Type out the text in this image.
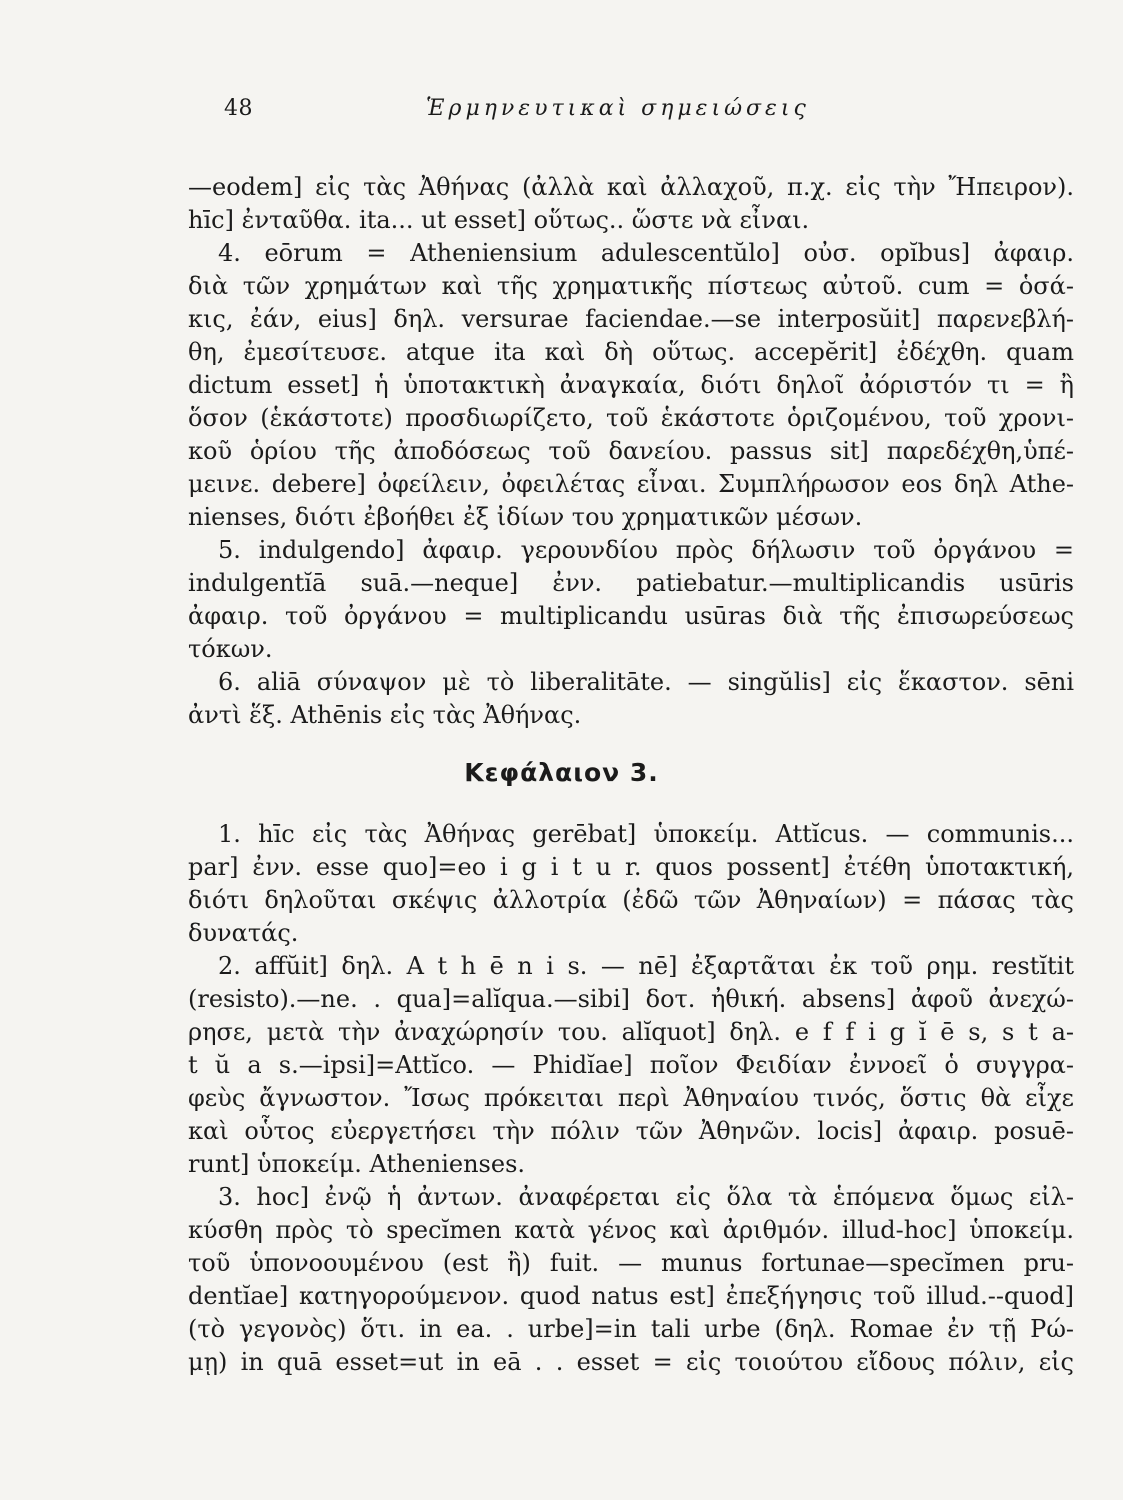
48	Ἑρμηνευτικαὶ σημειώσεις
—eodem] εἰς τὰς Ἀθήνας (ἀλλὰ καὶ ἀλλαχοῦ, π.χ. εἰς τὴν Ἤπειρον).
hīc] ἐνταῦθα. ita... ut esset] οὕτως.. ὥστε νὰ εἶναι.
4. eōrum = Atheniensium adulescentŭlo] οὐσ. opĭbus] ἀφαιρ.
διὰ τῶν χρημάτων καὶ τῆς χρηματικῆς πίστεως αὐτοῦ. cum = ὁσά-
κις, ἐάν, eius] δηλ. versurae faciendae.—se interposŭit] παρενεβλή-
θη, ἐμεσίτευσε. atque ita καὶ δὴ οὕτως. accepĕrit] ἐδέχθη. quam
dictum esset] ἡ ὑποτακτικὴ ἀναγκαία, διότι δηλοῖ ἀόριστόν τι = ἢ
ὅσον (ἑκάστοτε) προσδιωρίζετο, τοῦ ἑκάστοτε ὁριζομένου, τοῦ χρονι-
κοῦ ὁρίου τῆς ἀποδόσεως τοῦ δανείου. passus sit] παρεδέχθη,ὑπέ-
μεινε. debere] ὀφείλειν, ὀφειλέτας εἶναι. Συμπλήρωσον eos δηλ Athe-
nienses, διότι ἐβοήθει ἐξ ἰδίων του χρηματικῶν μέσων.
5. indulgendo] ἀφαιρ. γερουνδίου πρὸς δήλωσιν τοῦ ὀργάνου =
indulgentĭā suā.—neque] ἐνν. patiebatur.—multiplicandis usūris
ἀφαιρ. τοῦ ὀργάνου = multiplicandu usūras διὰ τῆς ἐπισωρεύσεως
τόκων.
6. aliā σύναψον μὲ τὸ liberalitāte. — singŭlis] εἰς ἕκαστον. sēni
ἀντὶ ἕξ. Athēnis εἰς τὰς Ἀθήνας.
Κεφάλαιον 3.
1. hīc εἰς τὰς Ἀθήνας gerēbat] ὑποκείμ. Attĭcus. — communis...
par] ἐνν. esse quo]=eo i g i t u r. quos possent] ἐτέθη ὑποτακτική,
διότι δηλοῦται σκέψις ἀλλοτρία (ἐδῶ τῶν Ἀθηναίων) = πάσας τὰς
δυνατάς.
2. affŭit] δηλ. A t h ē n i s. — nē] ἐξαρτᾶται ἐκ τοῦ ρημ. restĭtit
(resisto).—ne. . qua]=alĭqua.—sibi] δοτ. ἠθική. absens] ἀφοῦ ἀνεχώ-
ρησε, μετὰ τὴν ἀναχώρησίν του. alĭquot] δηλ. e f f i g ĭ ē s, s t a-
t ŭ a s.—ipsi]=Attĭco. — Phidĭae] ποῖον Φειδίαν ἐννοεῖ ὁ συγγρα-
φεὺς ἄγνωστον. Ἴσως πρόκειται περὶ Ἀθηναίου τινός, ὅστις θὰ εἶχε
καὶ οὗτος εὐεργετήσει τὴν πόλιν τῶν Ἀθηνῶν. locis] ἀφαιρ. posuē-
runt] ὑποκείμ. Athenienses.
3. hoc] ἐνῷ ἡ ἀντων. ἀναφέρεται εἰς ὅλα τὰ ἑπόμενα ὅμως εἰλ-
κύσθη πρὸς τὸ specĭmen κατὰ γένος καὶ ἀριθμόν. illud-hoc] ὑποκείμ.
τοῦ ὑπονοουμένου (est ἢ) fuit. — munus fortunae—specĭmen pru-
dentĭae] κατηγορούμενον. quod natus est] ἐπεξήγησις τοῦ illud.--quod]
(τὸ γεγονὸς) ὅτι. in ea. . urbe]=in tali urbe (δηλ. Romae ἐν τῇ Ρώ-
μῃ) in quā esset=ut in eā . . esset = εἰς τοιούτου εἴδους πόλιν, εἰς
